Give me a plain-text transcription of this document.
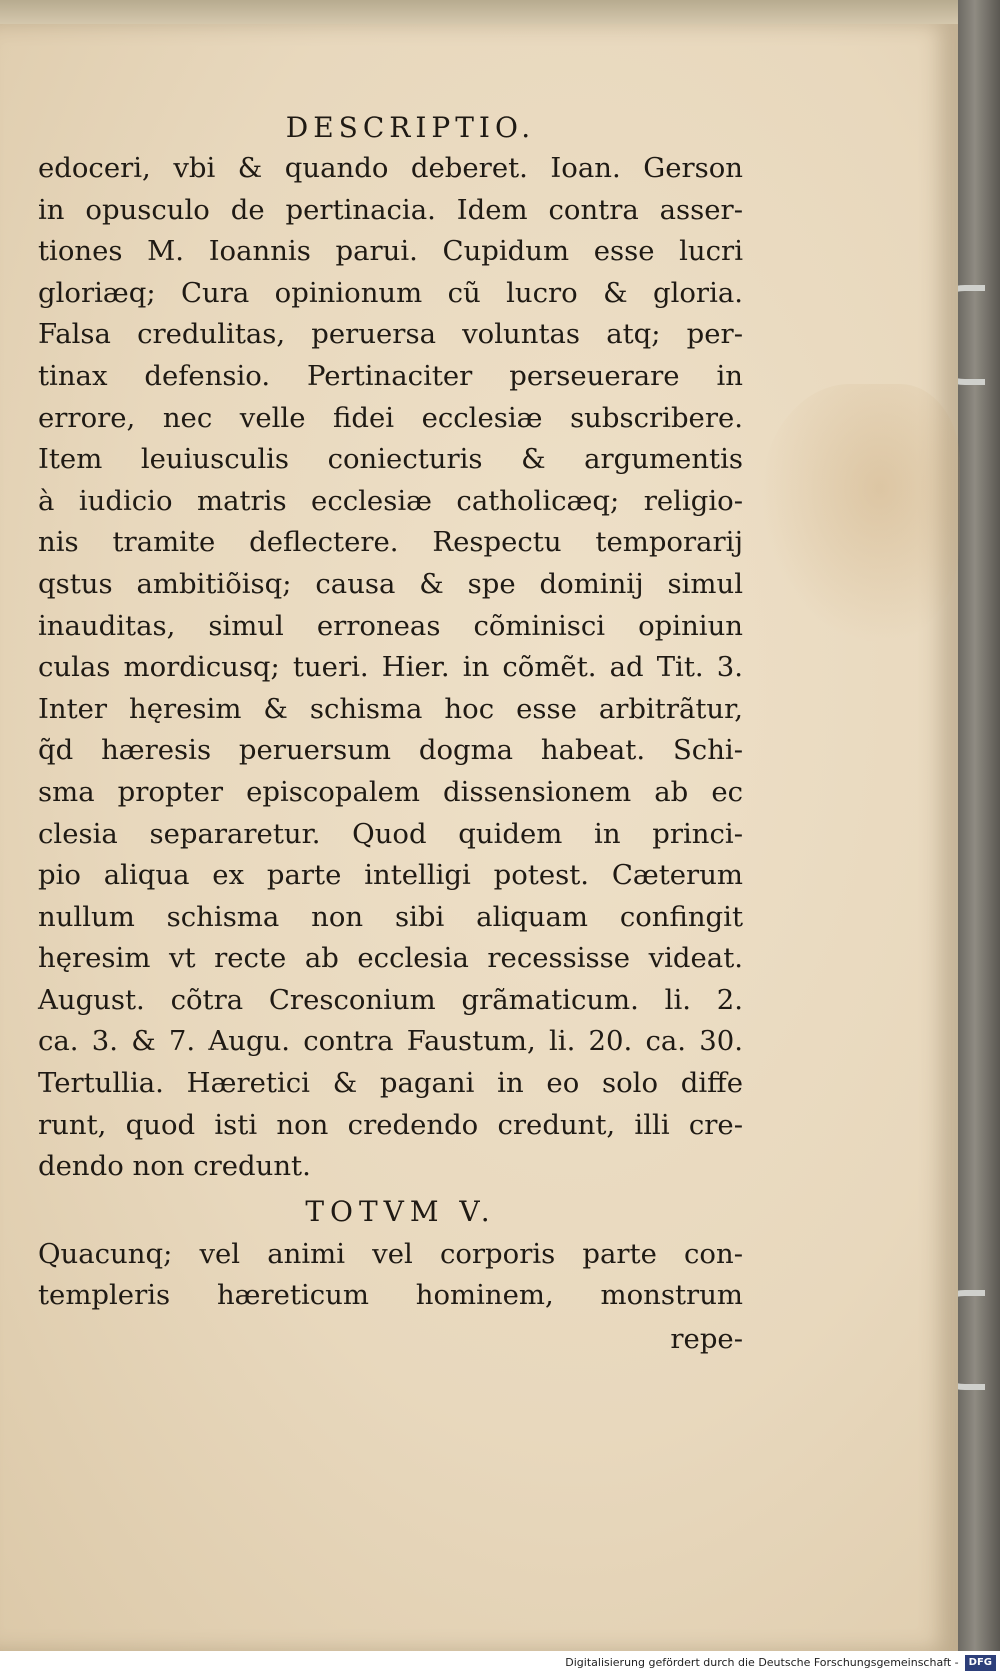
DESCRIPTIO.
edoceri, vbi & quando deberet. Ioan. Gerson
in opusculo de pertinacia. Idem contra asser-
tiones M. Ioannis parui. Cupidum esse lucri
gloriæq; Cura opinionum cũ lucro & gloria.
Falsa credulitas, peruersa voluntas atq; per-
tinax defensio. Pertinaciter perseuerare in
errore, nec velle fidei ecclesiæ subscribere.
Item leuiusculis coniecturis & argumentis
à iudicio matris ecclesiæ catholicæq; religio-
nis tramite deflectere. Respectu temporarij
qstus ambitiõisq; causa & spe dominij simul
inauditas, simul erroneas cõminisci opiniun
culas mordicusq; tueri. Hier. in cõmẽt. ad Tit. 3.
Inter hęresim & schisma hoc esse arbitrãtur,
q̃d hæresis peruersum dogma habeat. Schi-
sma propter episcopalem dissensionem ab ec
clesia separaretur. Quod quidem in princi-
pio aliqua ex parte intelligi potest. Cæterum
nullum schisma non sibi aliquam confingit
hęresim vt recte ab ecclesia recessisse videat.
August. cõtra Cresconium grãmaticum. li. 2.
ca. 3. & 7. Augu. contra Faustum, li. 20. ca. 30.
Tertullia. Hæretici & pagani in eo solo diffe
runt, quod isti non credendo credunt, illi cre-
dendo non credunt.
TOTVM V.
Quacunq; vel animi vel corporis parte con-
templeris hæreticum hominem, monstrum
repe-
Digitalisierung gefördert durch die Deutsche Forschungsgemeinschaft - DFG
